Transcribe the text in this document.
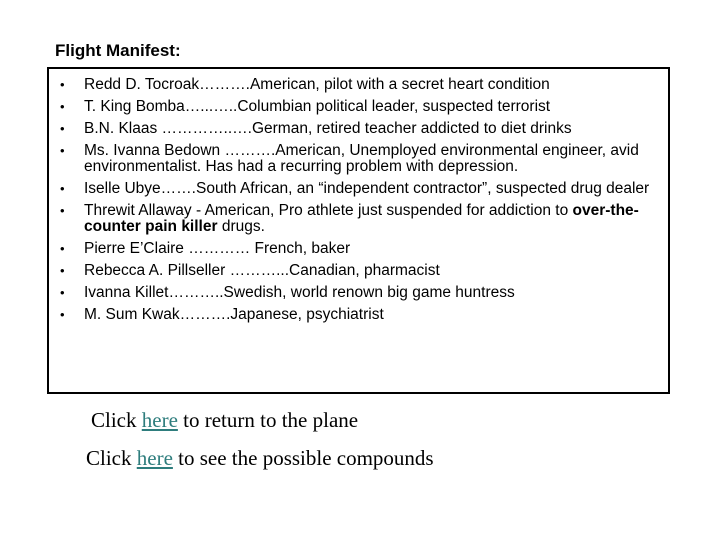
Flight Manifest:
• Redd D. Tocroak……….American, pilot with a secret heart condition
• T. King Bomba…...…..Columbian political leader, suspected terrorist
• B.N. Klaas …………..….German, retired teacher addicted to diet drinks
• Ms. Ivanna Bedown ……….American, Unemployed environmental engineer, avid environmentalist. Has had a recurring problem with depression.
• Iselle Ubye…….South African, an “independent contractor”, suspected drug dealer
• Threwit Allaway - American, Pro athlete just suspended for addiction to over-the-counter pain killer drugs.
• Pierre E’Claire ………… French, baker
• Rebecca A. Pillseller ………...Canadian, pharmacist
• Ivanna Killet………..Swedish, world renown big game huntress
• M. Sum Kwak……….Japanese, psychiatrist
Click here to return to the plane
Click here to see the possible compounds
